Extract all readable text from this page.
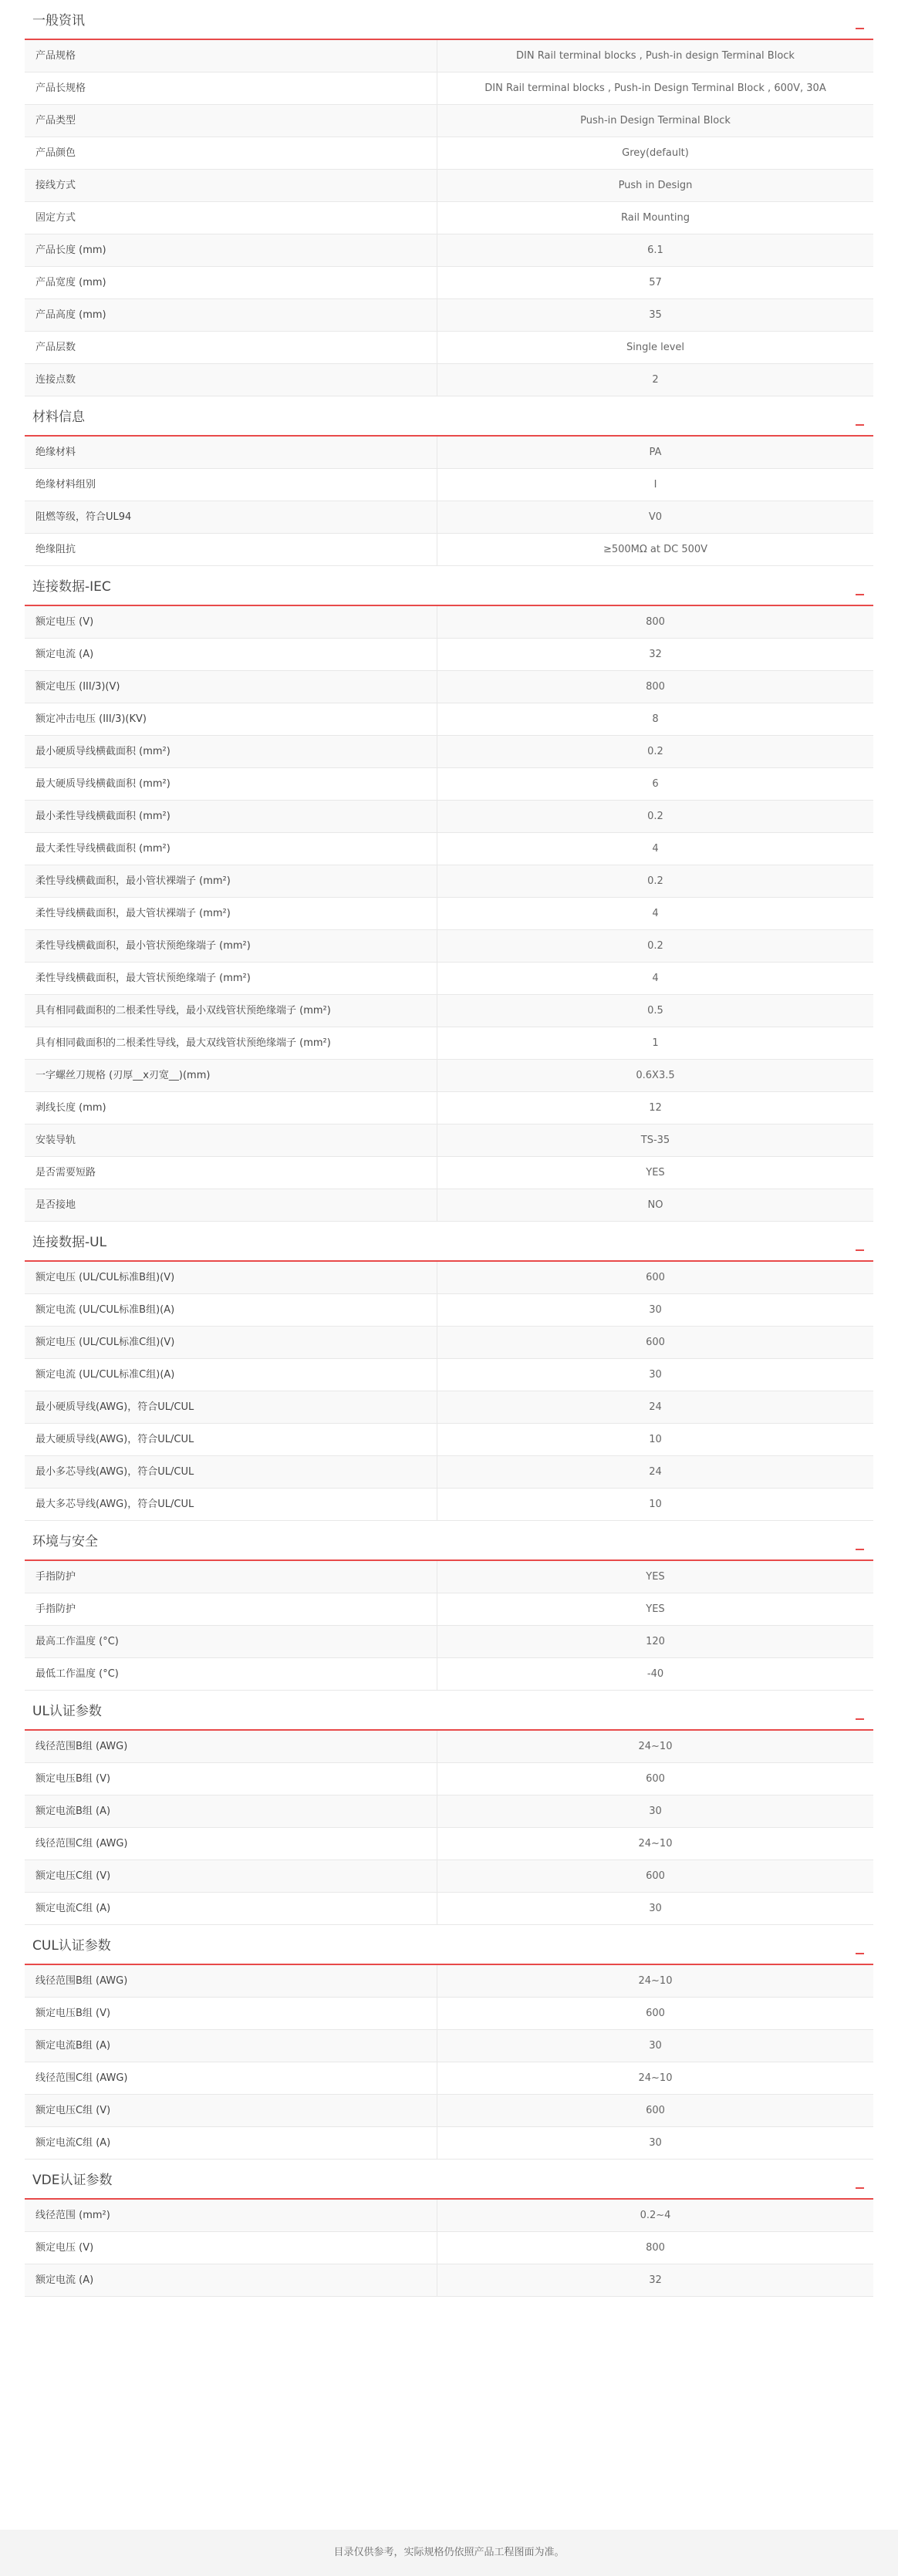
一般资讯
产品规格	DIN Rail terminal blocks , Push-in design Terminal Block
产品长规格	DIN Rail terminal blocks , Push-in Design Terminal Block , 600V, 30A
产品类型	Push-in Design Terminal Block
产品颜色	Grey(default)
接线方式	Push in Design
固定方式	Rail Mounting
产品长度 (mm)	6.1
产品宽度 (mm)	57
产品高度 (mm)	35
产品层数	Single level
连接点数	2
材料信息
绝缘材料	PA
绝缘材料组别	I
阻燃等级，符合UL94	V0
绝缘阻抗	≥500MΩ at DC 500V
连接数据-IEC
额定电压 (V)	800
额定电流 (A)	32
额定电压 (III/3)(V)	800
额定冲击电压 (III/3)(KV)	8
最小硬质导线横截面积 (mm²)	0.2
最大硬质导线横截面积 (mm²)	6
最小柔性导线横截面积 (mm²)	0.2
最大柔性导线横截面积 (mm²)	4
柔性导线横截面积，最小管状裸端子 (mm²)	0.2
柔性导线横截面积，最大管状裸端子 (mm²)	4
柔性导线横截面积，最小管状预绝缘端子 (mm²)	0.2
柔性导线横截面积，最大管状预绝缘端子 (mm²)	4
具有相同截面积的二根柔性导线，最小双线管状预绝缘端子 (mm²)	0.5
具有相同截面积的二根柔性导线，最大双线管状预绝缘端子 (mm²)	1
一字螺丝刀规格 (刃厚__x刃宽__)(mm)	0.6X3.5
剥线长度 (mm)	12
安装导轨	TS-35
是否需要短路	YES
是否接地	NO
连接数据-UL
额定电压 (UL/CUL标准B组)(V)	600
额定电流 (UL/CUL标准B组)(A)	30
额定电压 (UL/CUL标准C组)(V)	600
额定电流 (UL/CUL标准C组)(A)	30
最小硬质导线(AWG)，符合UL/CUL	24
最大硬质导线(AWG)，符合UL/CUL	10
最小多芯导线(AWG)，符合UL/CUL	24
最大多芯导线(AWG)，符合UL/CUL	10
环境与安全
手指防护	YES
手指防护	YES
最高工作温度 (°C)	120
最低工作温度 (°C)	-40
UL认证参数
线径范围B组 (AWG)	24~10
额定电压B组 (V)	600
额定电流B组 (A)	30
线径范围C组 (AWG)	24~10
额定电压C组 (V)	600
额定电流C组 (A)	30
CUL认证参数
线径范围B组 (AWG)	24~10
额定电压B组 (V)	600
额定电流B组 (A)	30
线径范围C组 (AWG)	24~10
额定电压C组 (V)	600
额定电流C组 (A)	30
VDE认证参数
线径范围 (mm²)	0.2~4
额定电压 (V)	800
额定电流 (A)	32
目录仅供参考，实际规格仍依照产品工程图面为准。
